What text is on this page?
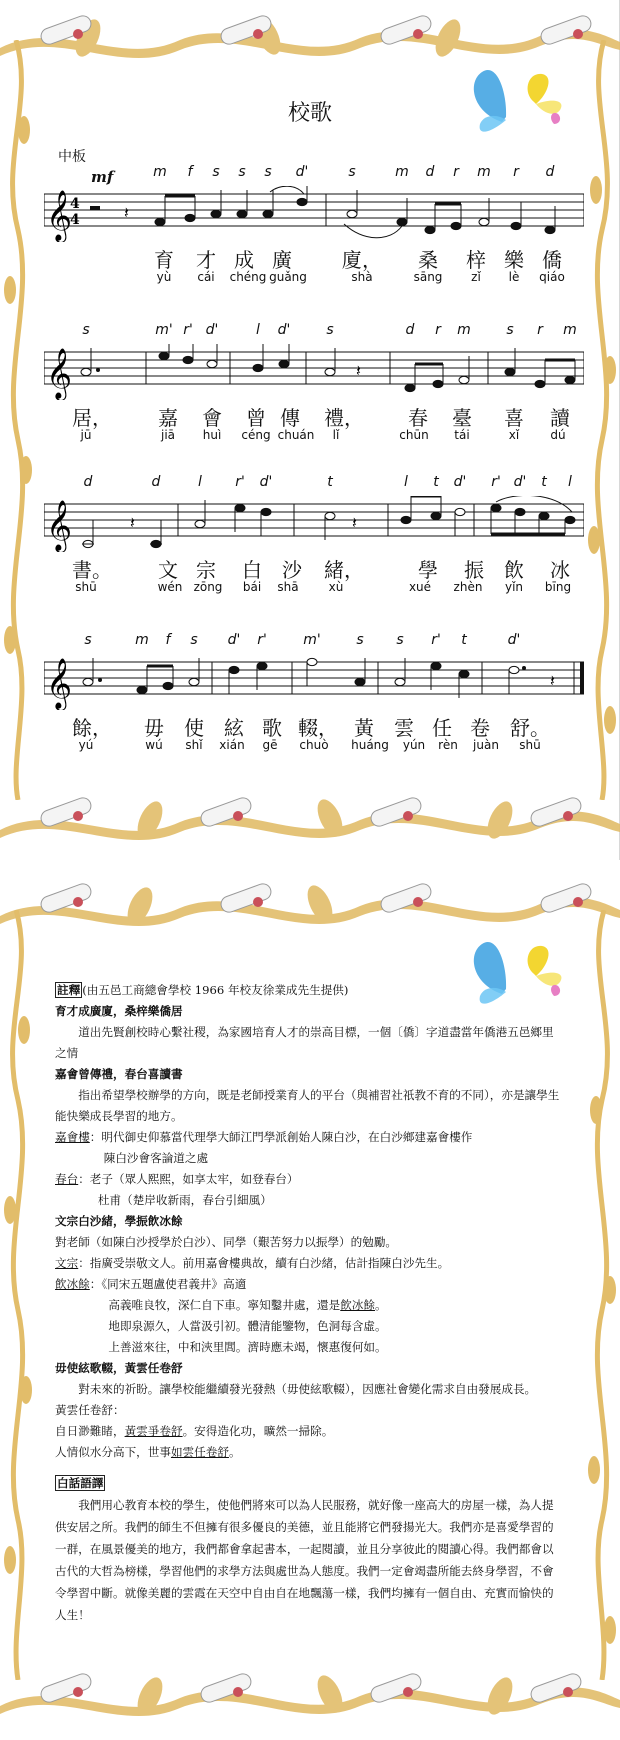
校歌
中板
mf	m f s s s d'	s	m d r m r d
𝄞
4
4	𝄽
育 才 成 廣	廈， 桑 梓 樂 僑
yù cái chéng guǎng	shà	sāng zǐ lè qiáo
s	m' r' d'	l d'	s	d r m	s r m
𝄞	𝄽
居， 嘉 會 曾 傳 禮， 春 臺 喜 讀
jū	jiā huì céng chuán lǐ	chūn tái	xǐ	dú
d	d	l r' d'	t	l t d' r' d' t l
𝄞	𝄽	𝄽
書。 文 宗 白 沙 緒，	學 振 飲 冰
shū	wén zōng bái shā	xù	xué zhèn yǐn bīng
s	m f s d' r'	m'	s s r' t	d'
𝄞	𝄽
餘， 毋 使 絃 歌 輟， 黃 雲 任 卷 舒。
yú	wú shǐ xián gē chuò huáng yún rèn juàn shū

註釋 (由五邑工商總會學校 1966 年校友徐業成先生提供)

育才成廣廈，桑梓樂僑居

道出先賢創校時心繫社稷，為家國培育人才的崇高目標，一個〔僑〕字道盡當年僑港五邑鄉里之情

嘉會曾傳禮，春台喜讀書

指出希望學校辦學的方向，既是老師授業育人的平台（與補習社祇教不育的不同），亦是讓學生能快樂成長學習的地方。

嘉會樓：明代御史仰慕當代理學大師江門學派創始人陳白沙，在白沙鄉建嘉會樓作

陳白沙會客論道之處

春台：老子（眾人熙熙，如享太牢，如登春台）

杜甫（楚岸收新雨，春台引細風）

文宗白沙緒，學振飲冰餘

對老師（如陳白沙授學於白沙）、同學（艱苦努力以振學）的勉勵。

文宗：指廣受崇敬文人。前用嘉會樓典故，續有白沙緒，估計指陳白沙先生。

飲冰餘：《同宋五題盧使君義井》高適

高義唯良牧，深仁自下車。寧知鑿井處，還是飲冰餘。

地即泉源久，人當汲引初。體清能鑒物，色洞每含虛。

上善滋來往，中和浹里閭。濟時應未竭，懷惠復何如。

毋使絃歌輟，黃雲任卷舒

對未來的祈盼。讓學校能繼續發光發熱（毋使絃歌輟），因應社會變化需求自由發展成長。

黃雲任卷舒：

自日渺難睹，黃雲爭卷舒。安得造化功，曠然一掃除。

人情似水分高下，世事如雲任卷舒。

白話語譯

我們用心教育本校的學生，使他們將來可以為人民服務，就好像一座高大的房屋一樣，為人提供安居之所。我們的師生不但擁有很多優良的美德，並且能將它們發揚光大。我們亦是喜愛學習的一群，在風景優美的地方，我們都會拿起書本，一起閱讀，並且分享彼此的閱讀心得。我們都會以古代的大哲為榜樣，學習他們的求學方法與處世為人態度。我們一定會竭盡所能去終身學習，不會令學習中斷。就像美麗的雲霞在天空中自由自在地飄蕩一樣，我們均擁有一個自由、充實而愉快的人生！
